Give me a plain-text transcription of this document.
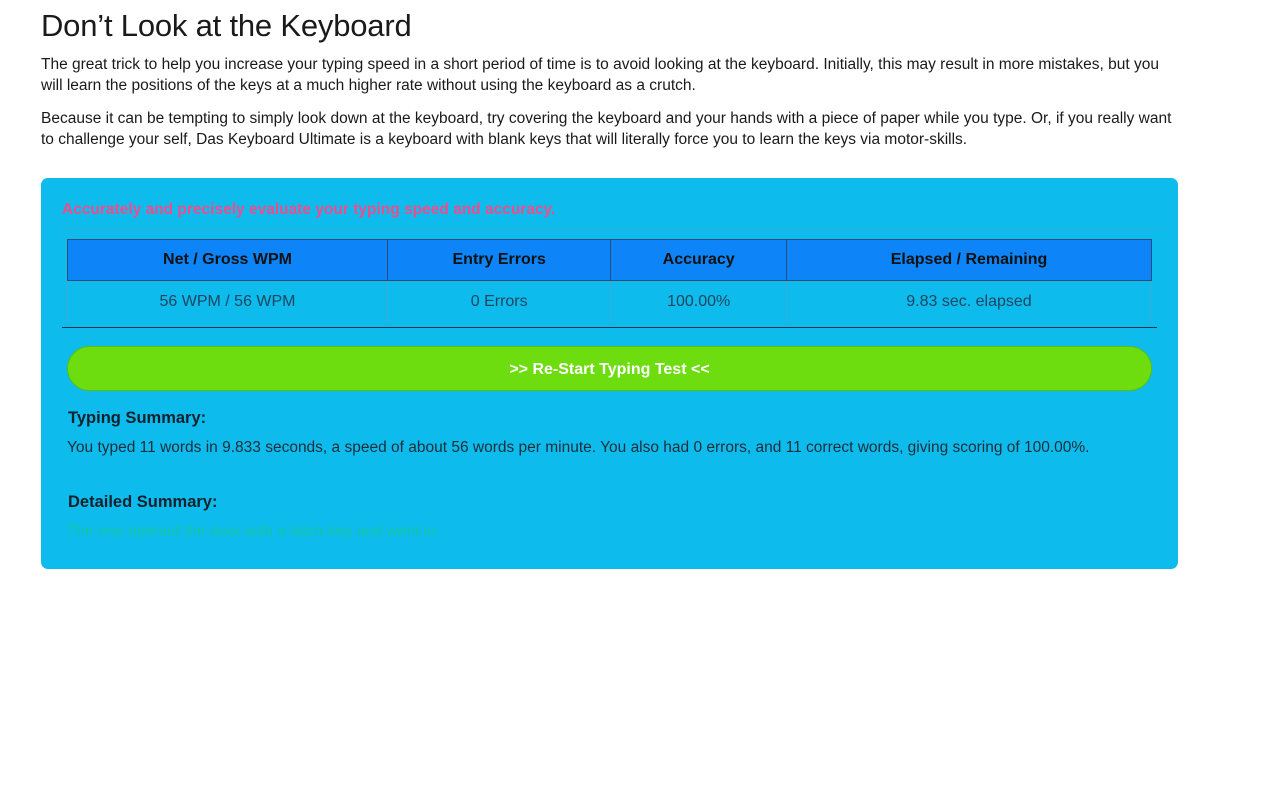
Don’t Look at the Keyboard

The great trick to help you increase your typing speed in a short period of time is to avoid looking at the keyboard. Initially, this may result in more mistakes, but you will learn the positions of the keys at a much higher rate without using the keyboard as a crutch.

Because it can be tempting to simply look down at the keyboard, try covering the keyboard and your hands with a piece of paper while you type. Or, if you really want to challenge your self, Das Keyboard Ultimate is a keyboard with blank keys that will literally force you to learn the keys via motor-skills.

Accurately and precisely evaluate your typing speed and accuracy.
Net / Gross WPM	Entry Errors	Accuracy	Elapsed / Remaining
56 WPM / 56 WPM	0 Errors	100.00%	9.83 sec. elapsed
>> Re-Start Typing Test <<
Typing Summary:
You typed 11 words in 9.833 seconds, a speed of about 56 words per minute. You also had 0 errors, and 11 correct words, giving scoring of 100.00%.
Detailed Summary:
The one opened the door with a latch-key and went in.
